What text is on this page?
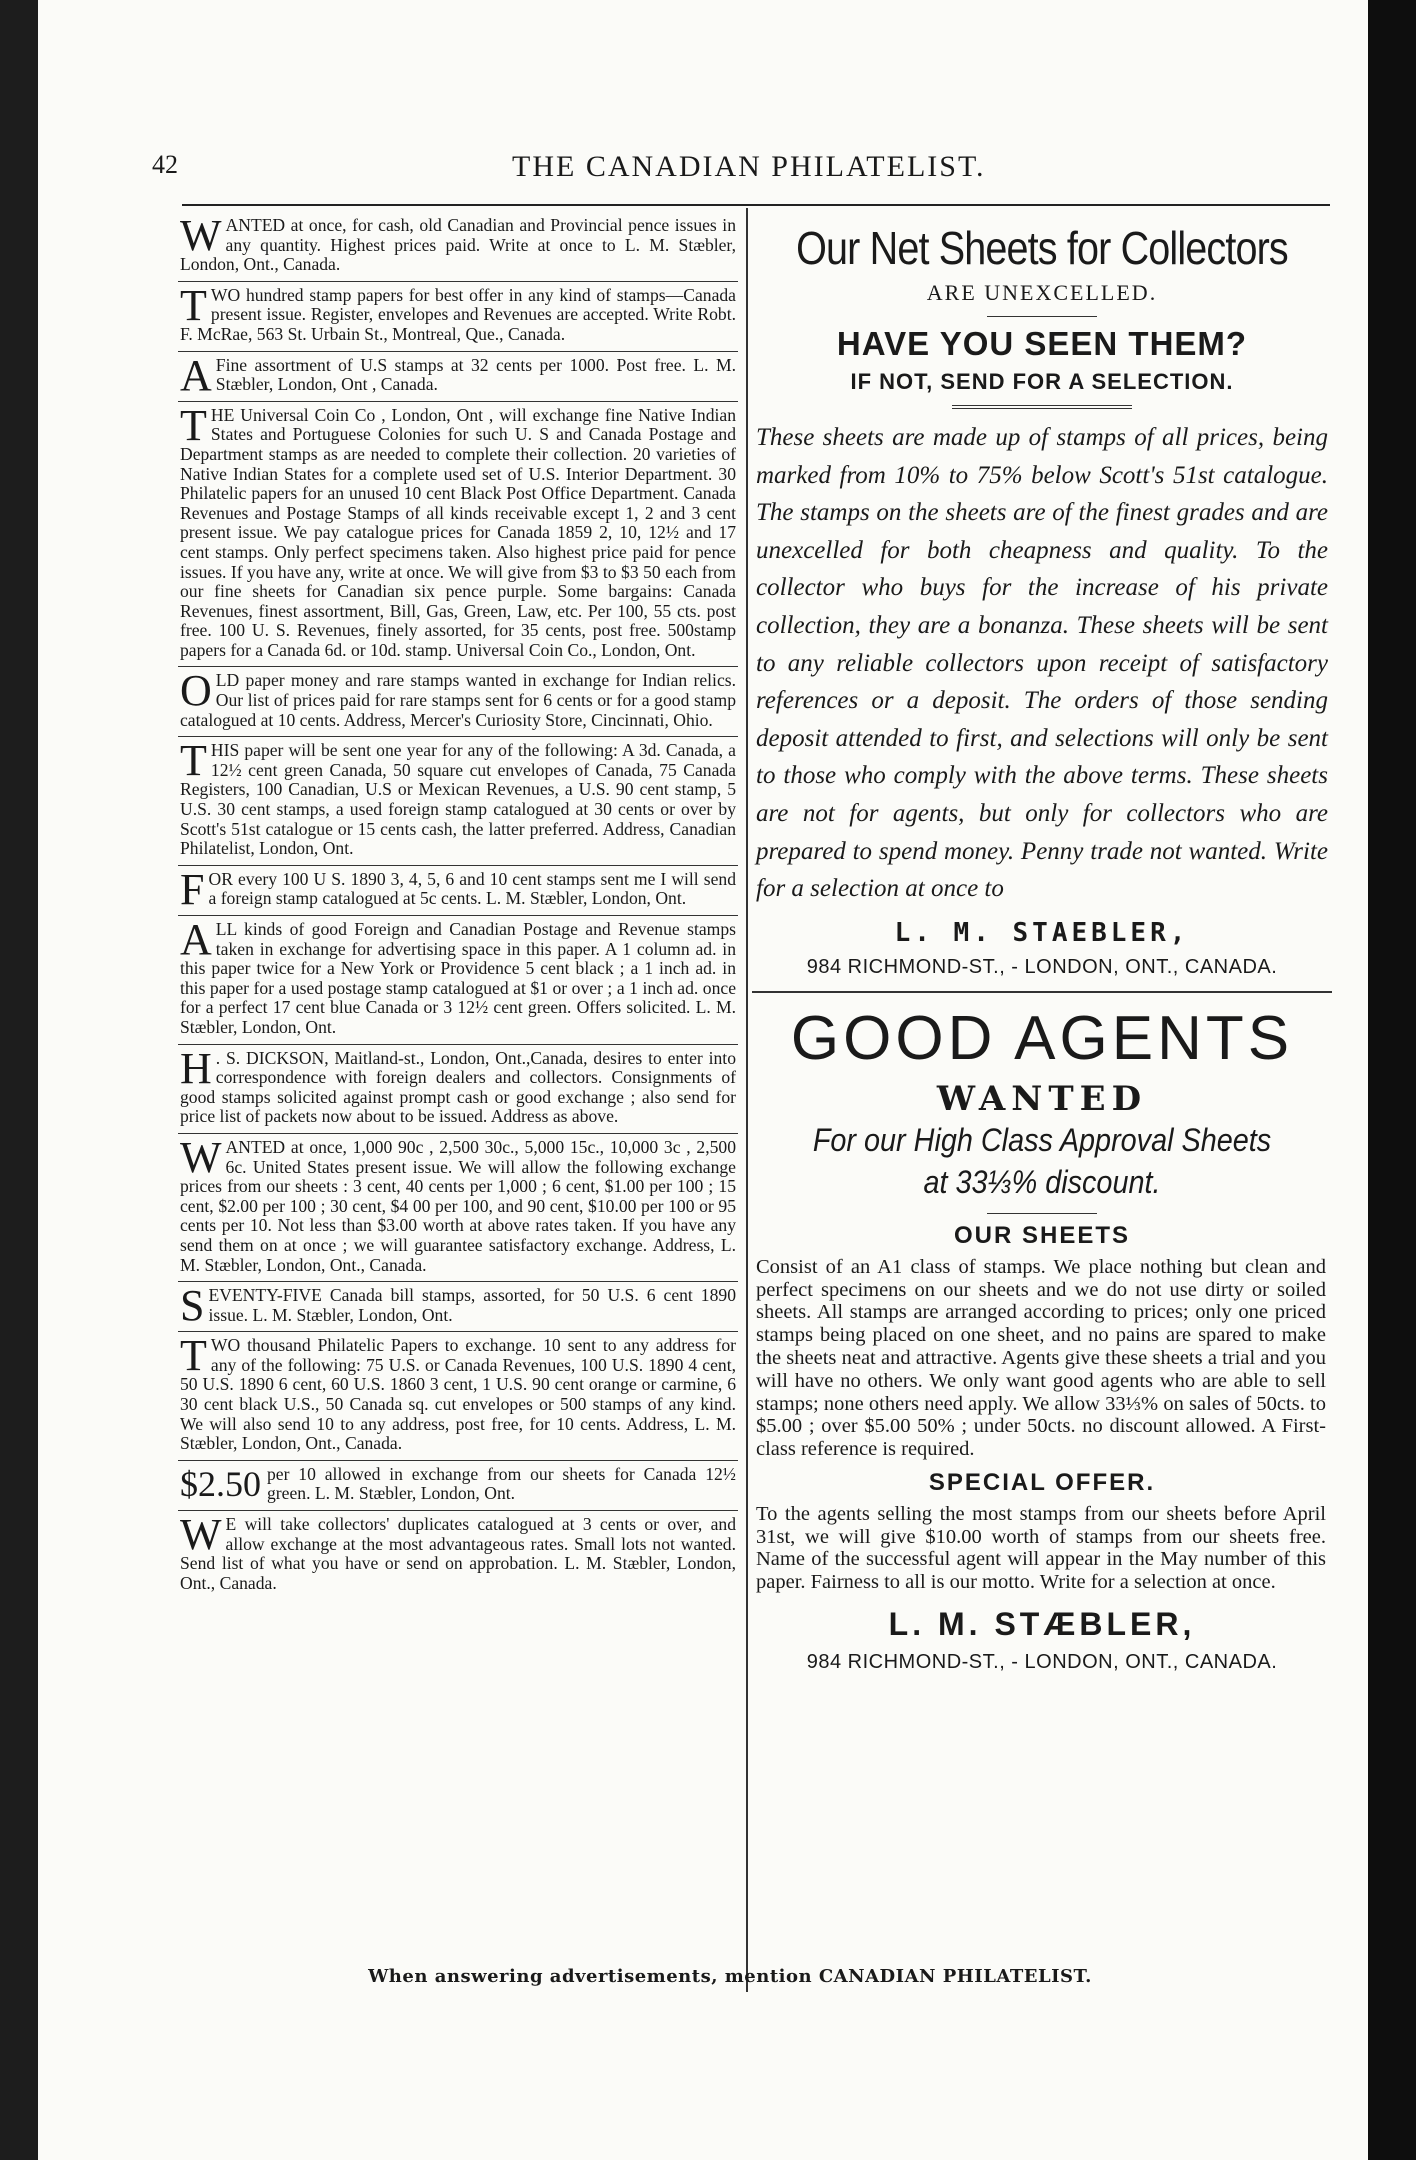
42	THE CANADIAN PHILATELIST.
WANTED at once, for cash, old Canadian and Provincial pence issues in any quantity. Highest prices paid. Write at once to L. M. Stæbler, London, Ont., Canada.
TWO hundred stamp papers for best offer in any kind of stamps—Canada present issue. Register, envelopes and Revenues are accepted. Write Robt. F. McRae, 563 St. Urbain St., Montreal, Que., Canada.
A Fine assortment of U.S stamps at 32 cents per 1000. Post free. L. M. Stæbler, London, Ont , Canada.
THE Universal Coin Co , London, Ont , will exchange fine Native Indian States and Portuguese Colonies for such U. S and Canada Postage and Department stamps as are needed to complete their collection. 20 varieties of Native Indian States for a complete used set of U.S. Interior Department. 30 Philatelic papers for an unused 10 cent Black Post Office Department. Canada Revenues and Postage Stamps of all kinds receivable except 1, 2 and 3 cent present issue. We pay catalogue prices for Canada 1859 2, 10, 12½ and 17 cent stamps. Only perfect specimens taken. Also highest price paid for pence issues. If you have any, write at once. We will give from $3 to $3 50 each from our fine sheets for Canadian six pence purple. Some bargains: Canada Revenues, finest assortment, Bill, Gas, Green, Law, etc. Per 100, 55 cts. post free. 100 U. S. Revenues, finely assorted, for 35 cents, post free. 500stamp papers for a Canada 6d. or 10d. stamp. Universal Coin Co., London, Ont.
OLD paper money and rare stamps wanted in exchange for Indian relics. Our list of prices paid for rare stamps sent for 6 cents or for a good stamp catalogued at 10 cents. Address, Mercer's Curiosity Store, Cincinnati, Ohio.
THIS paper will be sent one year for any of the following: A 3d. Canada, a 12½ cent green Canada, 50 square cut envelopes of Canada, 75 Canada Registers, 100 Canadian, U.S or Mexican Revenues, a U.S. 90 cent stamp, 5 U.S. 30 cent stamps, a used foreign stamp catalogued at 30 cents or over by Scott's 51st catalogue or 15 cents cash, the latter preferred. Address, Canadian Philatelist, London, Ont.
FOR every 100 U S. 1890 3, 4, 5, 6 and 10 cent stamps sent me I will send a foreign stamp catalogued at 5c cents. L. M. Stæbler, London, Ont.
ALL kinds of good Foreign and Canadian Postage and Revenue stamps taken in exchange for advertising space in this paper. A 1 column ad. in this paper twice for a New York or Providence 5 cent black ; a 1 inch ad. in this paper for a used postage stamp catalogued at $1 or over ; a 1 inch ad. once for a perfect 17 cent blue Canada or 3 12½ cent green. Offers solicited. L. M. Stæbler, London, Ont.
H . S. DICKSON, Maitland-st., London, Ont.,Canada, desires to enter into correspondence with foreign dealers and collectors. Consignments of good stamps solicited against prompt cash or good exchange ; also send for price list of packets now about to be issued. Address as above.
WANTED at once, 1,000 90c , 2,500 30c., 5,000 15c., 10,000 3c , 2,500 6c. United States present issue. We will allow the following exchange prices from our sheets : 3 cent, 40 cents per 1,000 ; 6 cent, $1.00 per 100 ; 15 cent, $2.00 per 100 ; 30 cent, $4 00 per 100, and 90 cent, $10.00 per 100 or 95 cents per 10. Not less than $3.00 worth at above rates taken. If you have any send them on at once ; we will guarantee satisfactory exchange. Address, L. M. Stæbler, London, Ont., Canada.
SEVENTY-FIVE Canada bill stamps, assorted, for 50 U.S. 6 cent 1890 issue. L. M. Stæbler, London, Ont.
TWO thousand Philatelic Papers to exchange. 10 sent to any address for any of the following: 75 U.S. or Canada Revenues, 100 U.S. 1890 4 cent, 50 U.S. 1890 6 cent, 60 U.S. 1860 3 cent, 1 U.S. 90 cent orange or carmine, 6 30 cent black U.S., 50 Canada sq. cut envelopes or 500 stamps of any kind. We will also send 10 to any address, post free, for 10 cents. Address, L. M. Stæbler, London, Ont., Canada.
$2.50 per 10 allowed in exchange from our sheets for Canada 12½ green. L. M. Stæbler, London, Ont.
W E will take collectors' duplicates catalogued at 3 cents or over, and allow exchange at the most advantageous rates. Small lots not wanted. Send list of what you have or send on approbation. L. M. Stæbler, London, Ont., Canada.
Our Net Sheets for Collectors
ARE UNEXCELLED.
HAVE YOU SEEN THEM?
IF NOT, SEND FOR A SELECTION.
These sheets are made up of stamps of all prices, being marked from 10% to 75% below Scott's 51st catalogue. The stamps on the sheets are of the finest grades and are unexcelled for both cheapness and quality. To the collector who buys for the increase of his private collection, they are a bonanza. These sheets will be sent to any reliable collectors upon receipt of satisfactory references or a deposit. The orders of those sending deposit attended to first, and selections will only be sent to those who comply with the above terms. These sheets are not for agents, but only for collectors who are prepared to spend money. Penny trade not wanted. Write for a selection at once to
L. M. STAEBLER,
984 RICHMOND-ST., - LONDON, ONT., CANADA.
GOOD AGENTS
WANTED
For our High Class Approval Sheets
at 33⅓% discount.
OUR SHEETS
Consist of an A1 class of stamps. We place nothing but clean and perfect specimens on our sheets and we do not use dirty or soiled sheets. All stamps are arranged according to prices; only one priced stamps being placed on one sheet, and no pains are spared to make the sheets neat and attractive. Agents give these sheets a trial and you will have no others. We only want good agents who are able to sell stamps; none others need apply. We allow 33⅓% on sales of 50cts. to $5.00 ; over $5.00 50% ; under 50cts. no discount allowed. A First-class reference is required.
SPECIAL OFFER.
To the agents selling the most stamps from our sheets before April 31st, we will give $10.00 worth of stamps from our sheets free. Name of the successful agent will appear in the May number of this paper. Fairness to all is our motto. Write for a selection at once.
L. M. STÆBLER,
984 RICHMOND-ST., - LONDON, ONT., CANADA.
When answering advertisements, mention CANADIAN PHILATELIST.
